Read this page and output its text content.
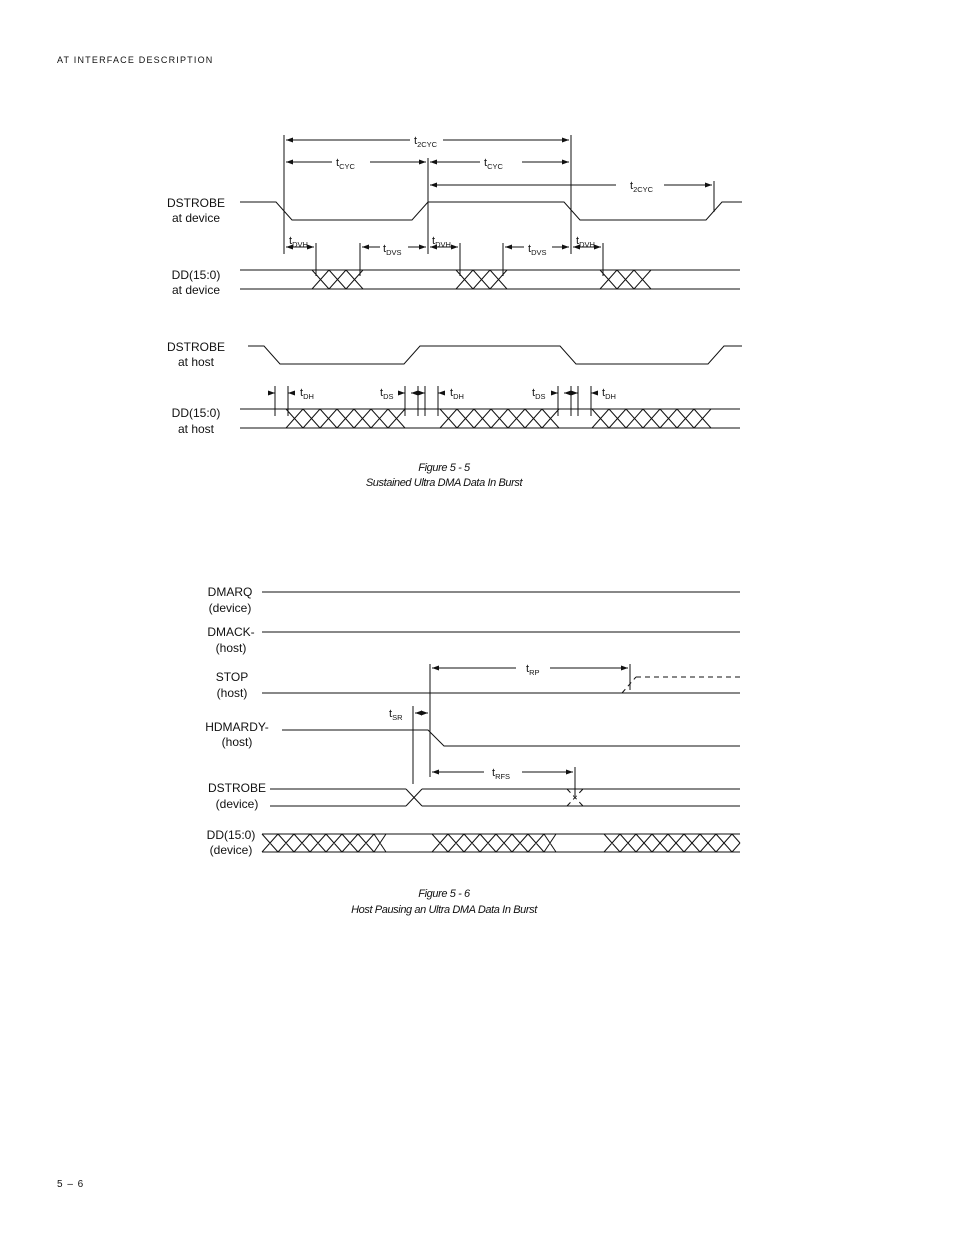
AT INTERFACE DESCRIPTION
DSTROBE
at device
DD(15:0)
at device
DSTROBE
at host
DD(15:0)
at host
$t_{2CYC}$
$t_{CYC}$	$t_{CYC}$
$t_{2CYC}$
$t_{DVH}$	$t_{DVS}$
$t_{DVH}$	$t_{DVS}$
$t_{DVH}$
$t_{DH}$	$t_{DS}$	$t_{DH}$	$t_{DS}$	$t_{DH}$
Figure 5 - 5
Sustained Ultra DMA Data In Burst
DMARQ
(device)
DMACK-
(host)
STOP
(host)
HDMARDY-
(host)
DSTROBE
(device)
DD(15:0)
(device)
$t_{RP}$
$t_{SR}$
$t_{RFS}$
Figure 5 - 6
Host Pausing an Ultra DMA Data In Burst
5 – 6
